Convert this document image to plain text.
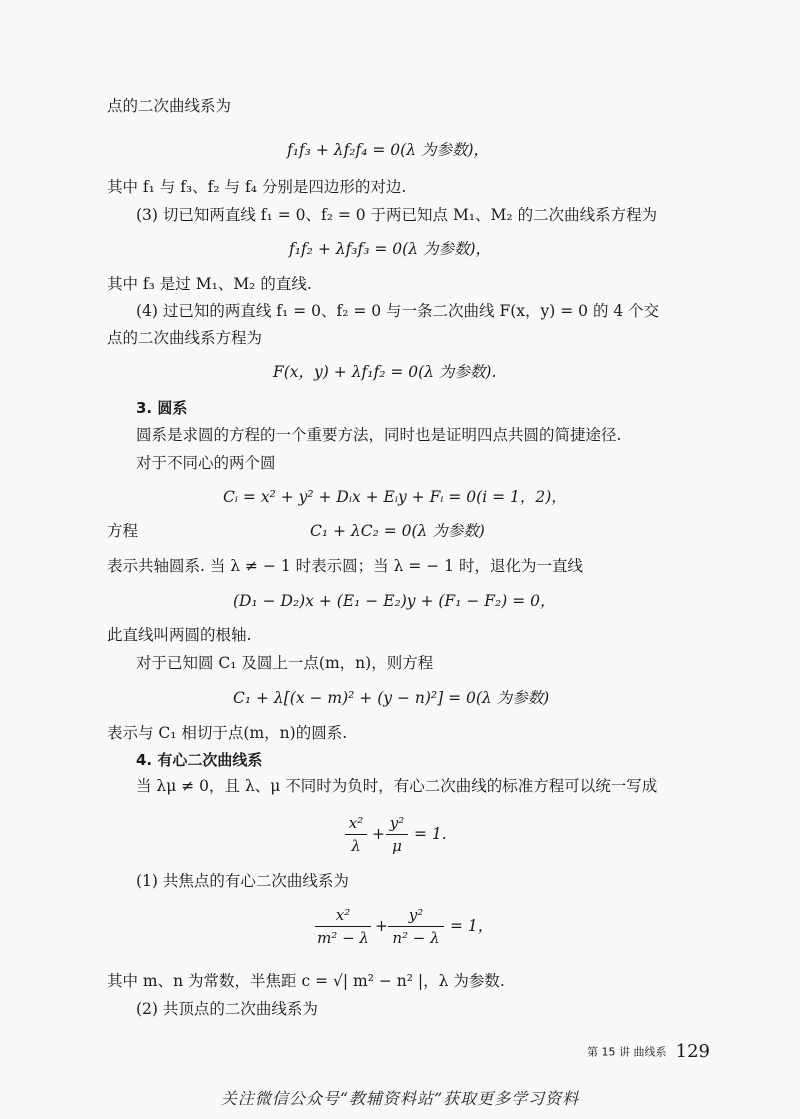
点的二次曲线系为
f₁f₃ + λf₂f₄ = 0(λ 为参数)，
其中 f₁ 与 f₃、f₂ 与 f₄ 分别是四边形的对边.
(3) 切已知两直线 f₁ = 0、f₂ = 0 于两已知点 M₁、M₂ 的二次曲线系方程为
f₁f₂ + λf₃f₃ = 0(λ 为参数)，
其中 f₃ 是过 M₁、M₂ 的直线.
(4) 过已知的两直线 f₁ = 0、f₂ = 0 与一条二次曲线 F(x，y) = 0 的 4 个交
点的二次曲线系方程为
F(x，y) + λf₁f₂ = 0(λ 为参数).
3. 圆系
圆系是求圆的方程的一个重要方法，同时也是证明四点共圆的简捷途径.
对于不同心的两个圆
Cᵢ = x² + y² + Dᵢx + Eᵢy + Fᵢ = 0(i = 1，2)，
方程	C₁ + λC₂ = 0(λ 为参数)
表示共轴圆系. 当 λ ≠ − 1 时表示圆；当 λ = − 1 时，退化为一直线
(D₁ − D₂)x + (E₁ − E₂)y + (F₁ − F₂) = 0，
此直线叫两圆的根轴.
对于已知圆 C₁ 及圆上一点(m，n)，则方程
C₁ + λ[(x − m)² + (y − n)²] = 0(λ 为参数)
表示与 C₁ 相切于点(m，n)的圆系.
4. 有心二次曲线系
当 λμ ≠ 0，且 λ、μ 不同时为负时，有心二次曲线的标准方程可以统一写成
x²
λ
+
y²
μ
= 1.
(1) 共焦点的有心二次曲线系为
x²
m² − λ
+
y²
n² − λ
= 1，
其中 m、n 为常数，半焦距 c = √| m² − n² |，λ 为参数.
(2) 共顶点的二次曲线系为
第 15 讲 曲线系 129
关注微信公众号“教辅资料站”获取更多学习资料
